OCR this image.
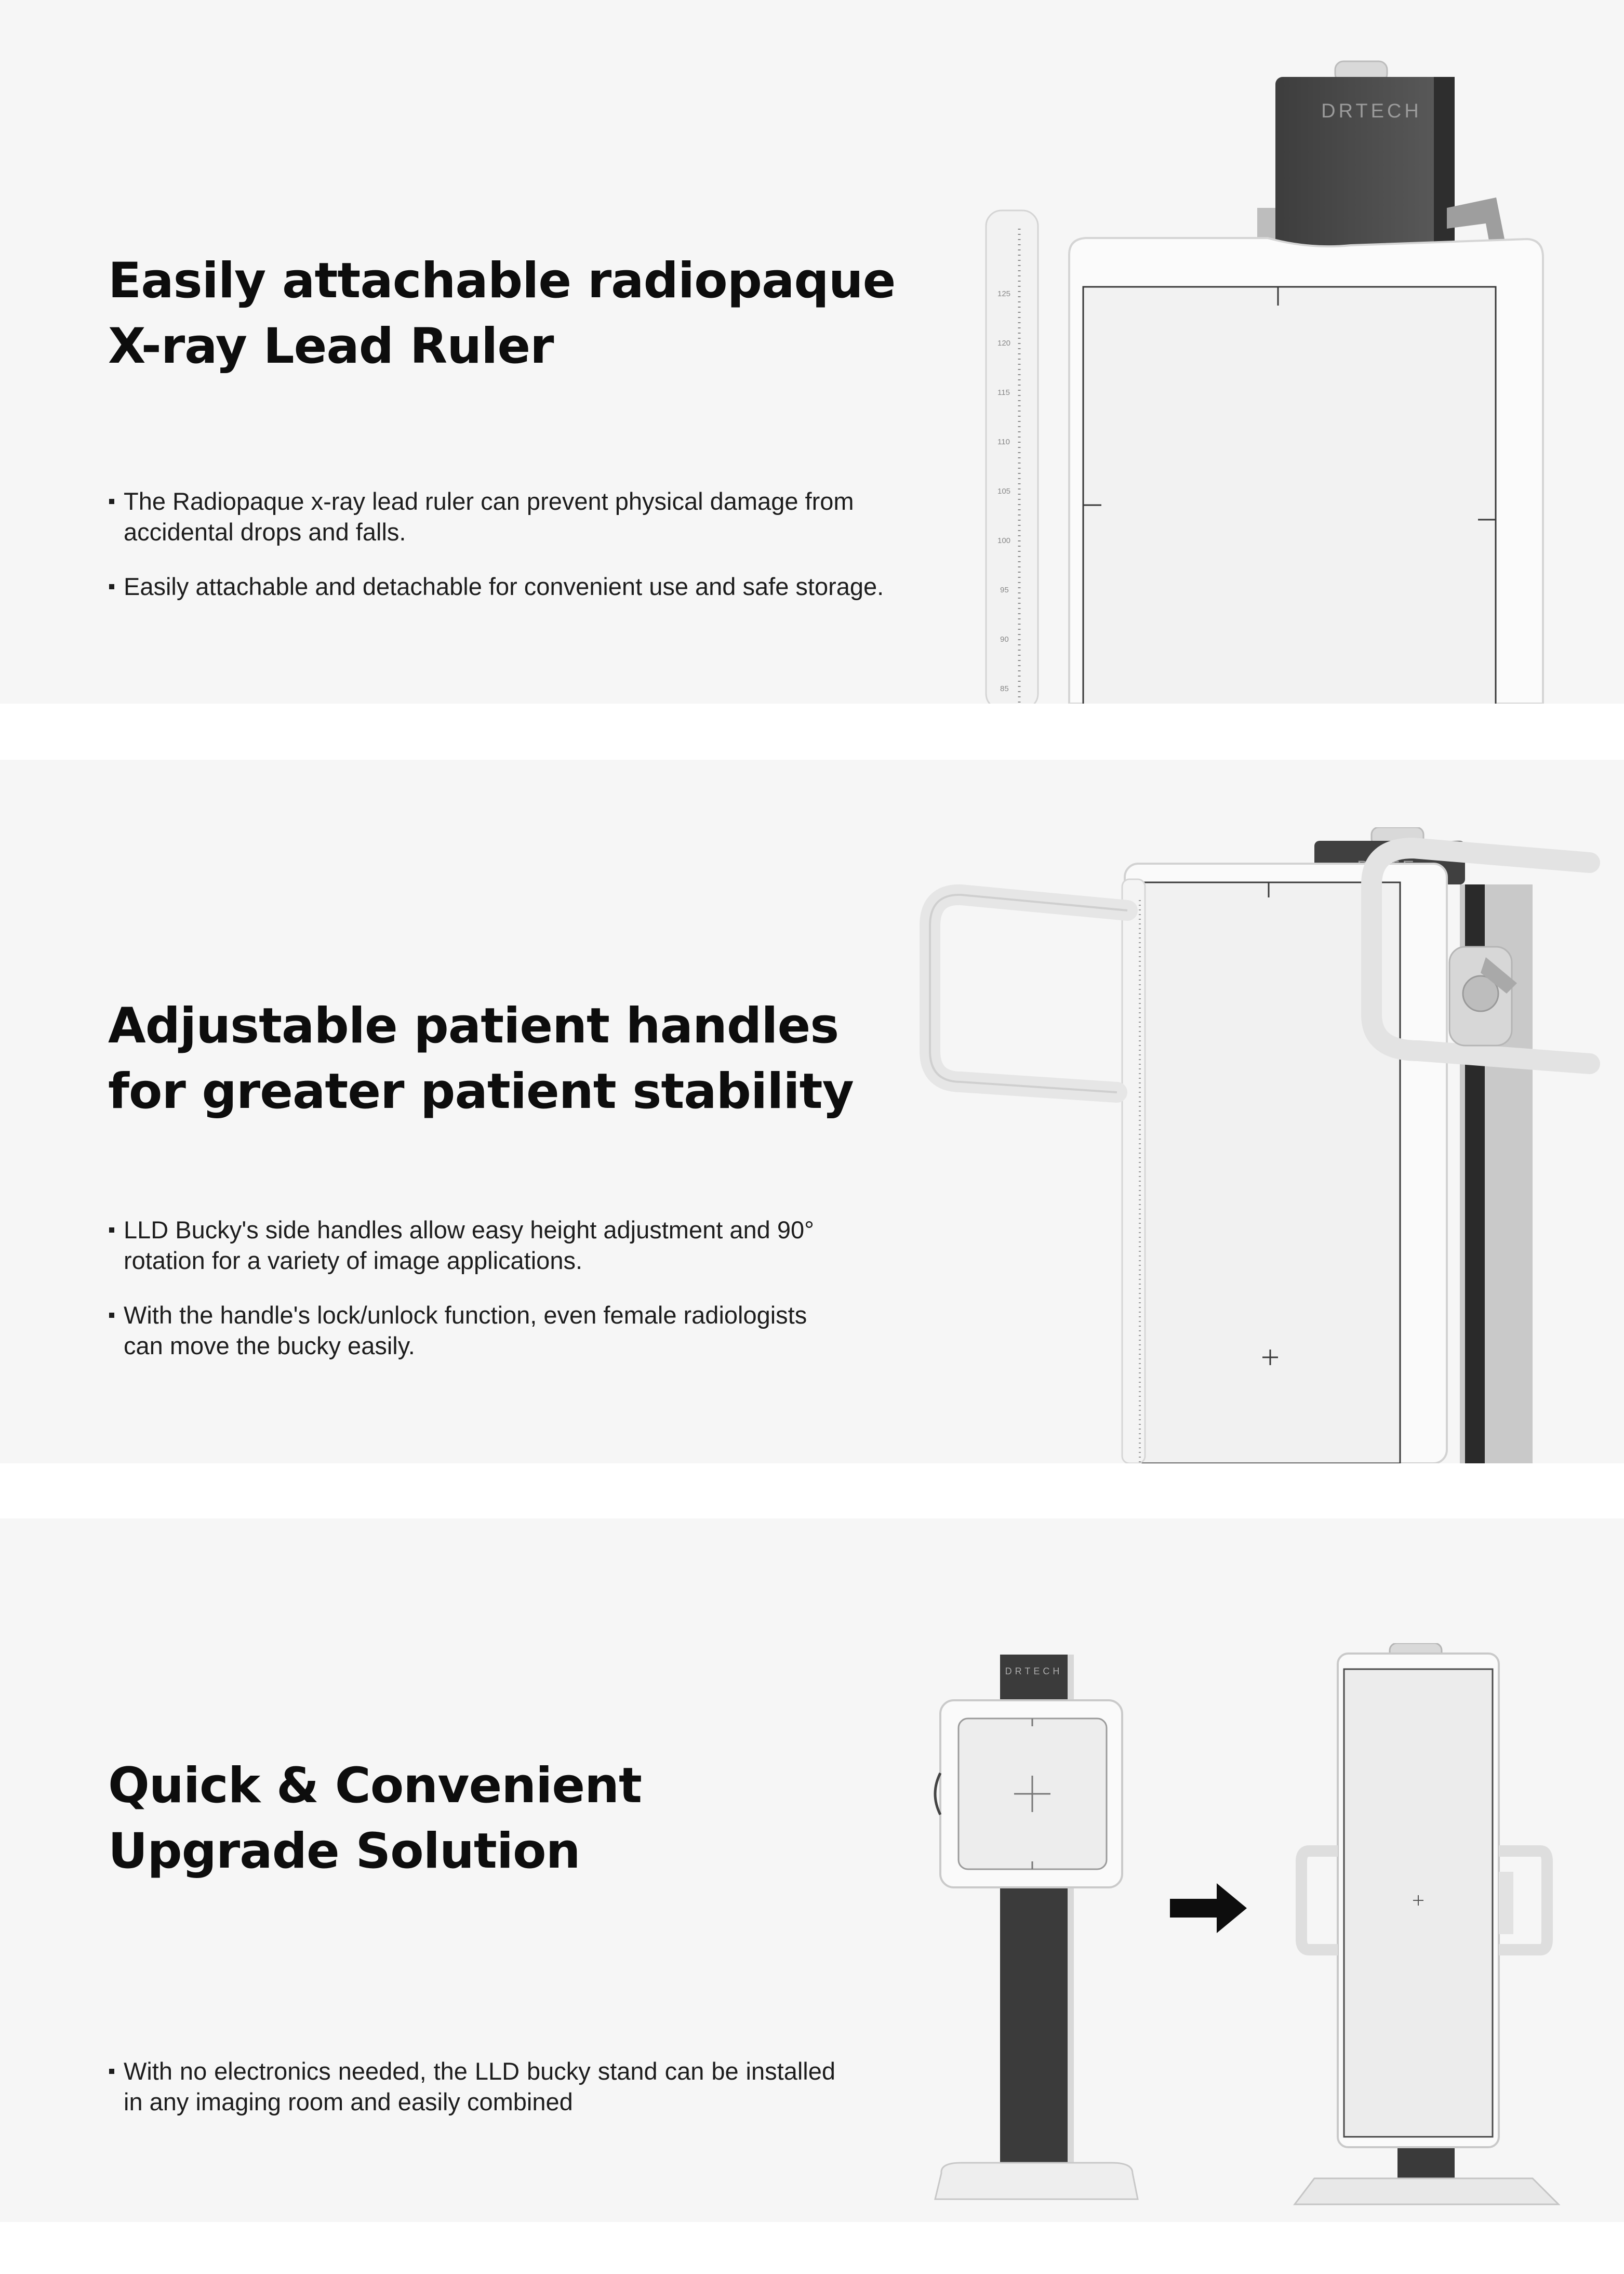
Easily attachable radiopaque
X-ray Lead Ruler
The Radiopaque x-ray lead ruler can prevent physical damage from accidental drops and falls.
Easily attachable and detachable for convenient use and safe storage.
DRTECH
125
120
115
110
105
100
95
90
85
Adjustable patient handles
for greater patient stability
LLD Bucky's side handles allow easy height adjustment and 90° rotation for a variety of image applications.
With the handle's lock/unlock function, even female radiologists can move the bucky easily.
Quick & Convenient
Upgrade Solution
With no electronics needed, the LLD bucky stand can be installed in any imaging room and easily combined
DRTECH
